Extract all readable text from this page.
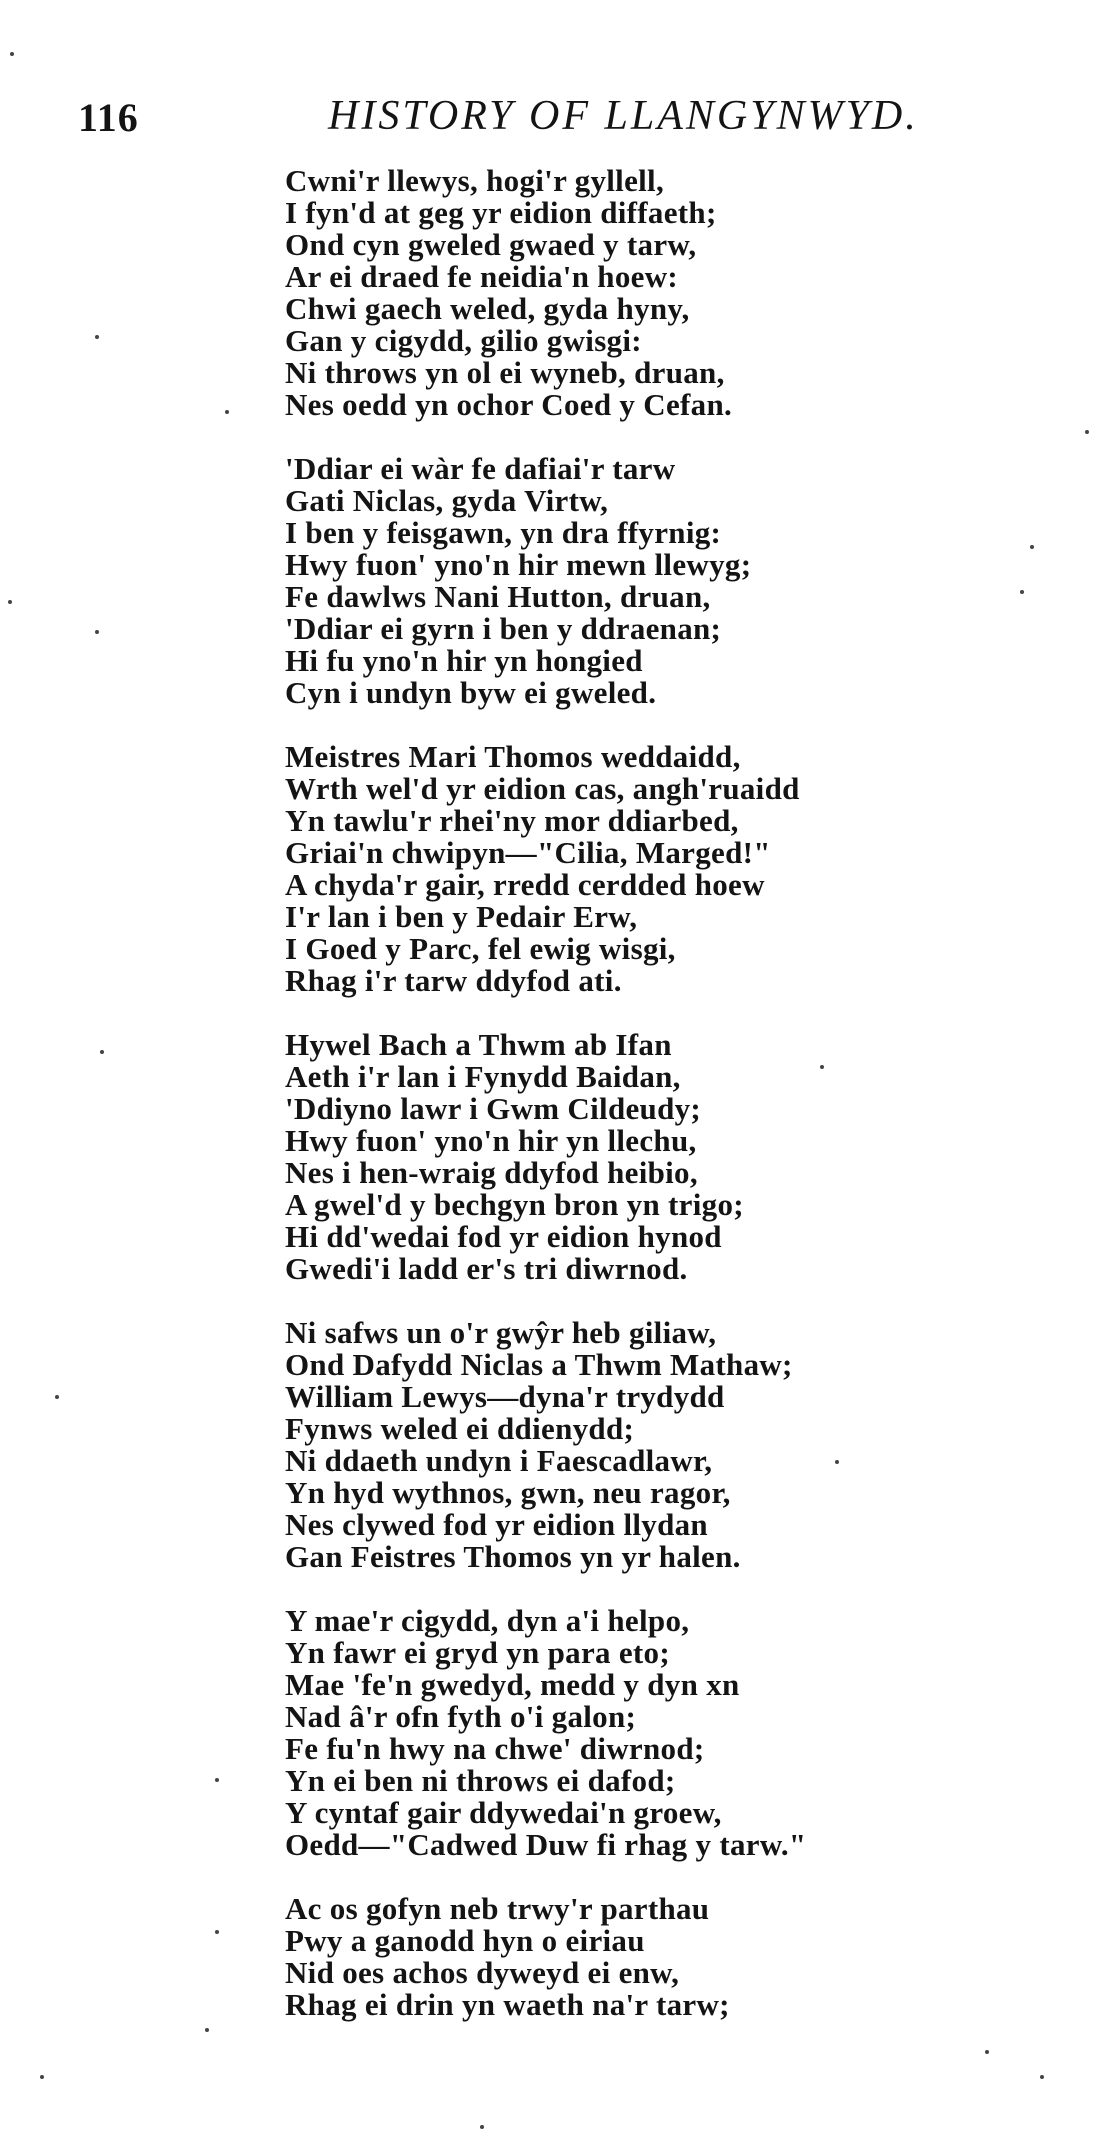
116	HISTORY OF LLANGYNWYD.
Cwni'r llewys, hogi'r gyllell,
I fyn'd at geg yr eidion diffaeth;
Ond cyn gweled gwaed y tarw,
Ar ei draed fe neidia'n hoew:
Chwi gaech weled, gyda hyny,
Gan y cigydd, gilio gwisgi:
Ni throws yn ol ei wyneb, druan,
Nes oedd yn ochor Coed y Cefan.
'Ddiar ei wàr fe dafiai'r tarw
Gati Niclas, gyda Virtw,
I ben y feisgawn, yn dra ffyrnig:
Hwy fuon' yno'n hir mewn llewyg;
Fe dawlws Nani Hutton, druan,
'Ddiar ei gyrn i ben y ddraenan;
Hi fu yno'n hir yn hongied
Cyn i undyn byw ei gweled.
Meistres Mari Thomos weddaidd,
Wrth wel'd yr eidion cas, angh'ruaidd
Yn tawlu'r rhei'ny mor ddiarbed,
Griai'n chwipyn—"Cilia, Marged!"
A chyda'r gair, rredd cerdded hoew
I'r lan i ben y Pedair Erw,
I Goed y Parc, fel ewig wisgi,
Rhag i'r tarw ddyfod ati.
Hywel Bach a Thwm ab Ifan
Aeth i'r lan i Fynydd Baidan,
'Ddiyno lawr i Gwm Cildeudy;
Hwy fuon' yno'n hir yn llechu,
Nes i hen-wraig ddyfod heibio,
A gwel'd y bechgyn bron yn trigo;
Hi dd'wedai fod yr eidion hynod
Gwedi'i ladd er's tri diwrnod.
Ni safws un o'r gwŷr heb giliaw,
Ond Dafydd Niclas a Thwm Mathaw;
William Lewys—dyna'r trydydd
Fynws weled ei ddienydd;
Ni ddaeth undyn i Faescadlawr,
Yn hyd wythnos, gwn, neu ragor,
Nes clywed fod yr eidion llydan
Gan Feistres Thomos yn yr halen.
Y mae'r cigydd, dyn a'i helpo,
Yn fawr ei gryd yn para eto;
Mae 'fe'n gwedyd, medd y dyn xn
Nad â'r ofn fyth o'i galon;
Fe fu'n hwy na chwe' diwrnod;
Yn ei ben ni throws ei dafod;
Y cyntaf gair ddywedai'n groew,
Oedd—"Cadwed Duw fi rhag y tarw."
Ac os gofyn neb trwy'r parthau
Pwy a ganodd hyn o eiriau
Nid oes achos dyweyd ei enw,
Rhag ei drin yn waeth na'r tarw;
